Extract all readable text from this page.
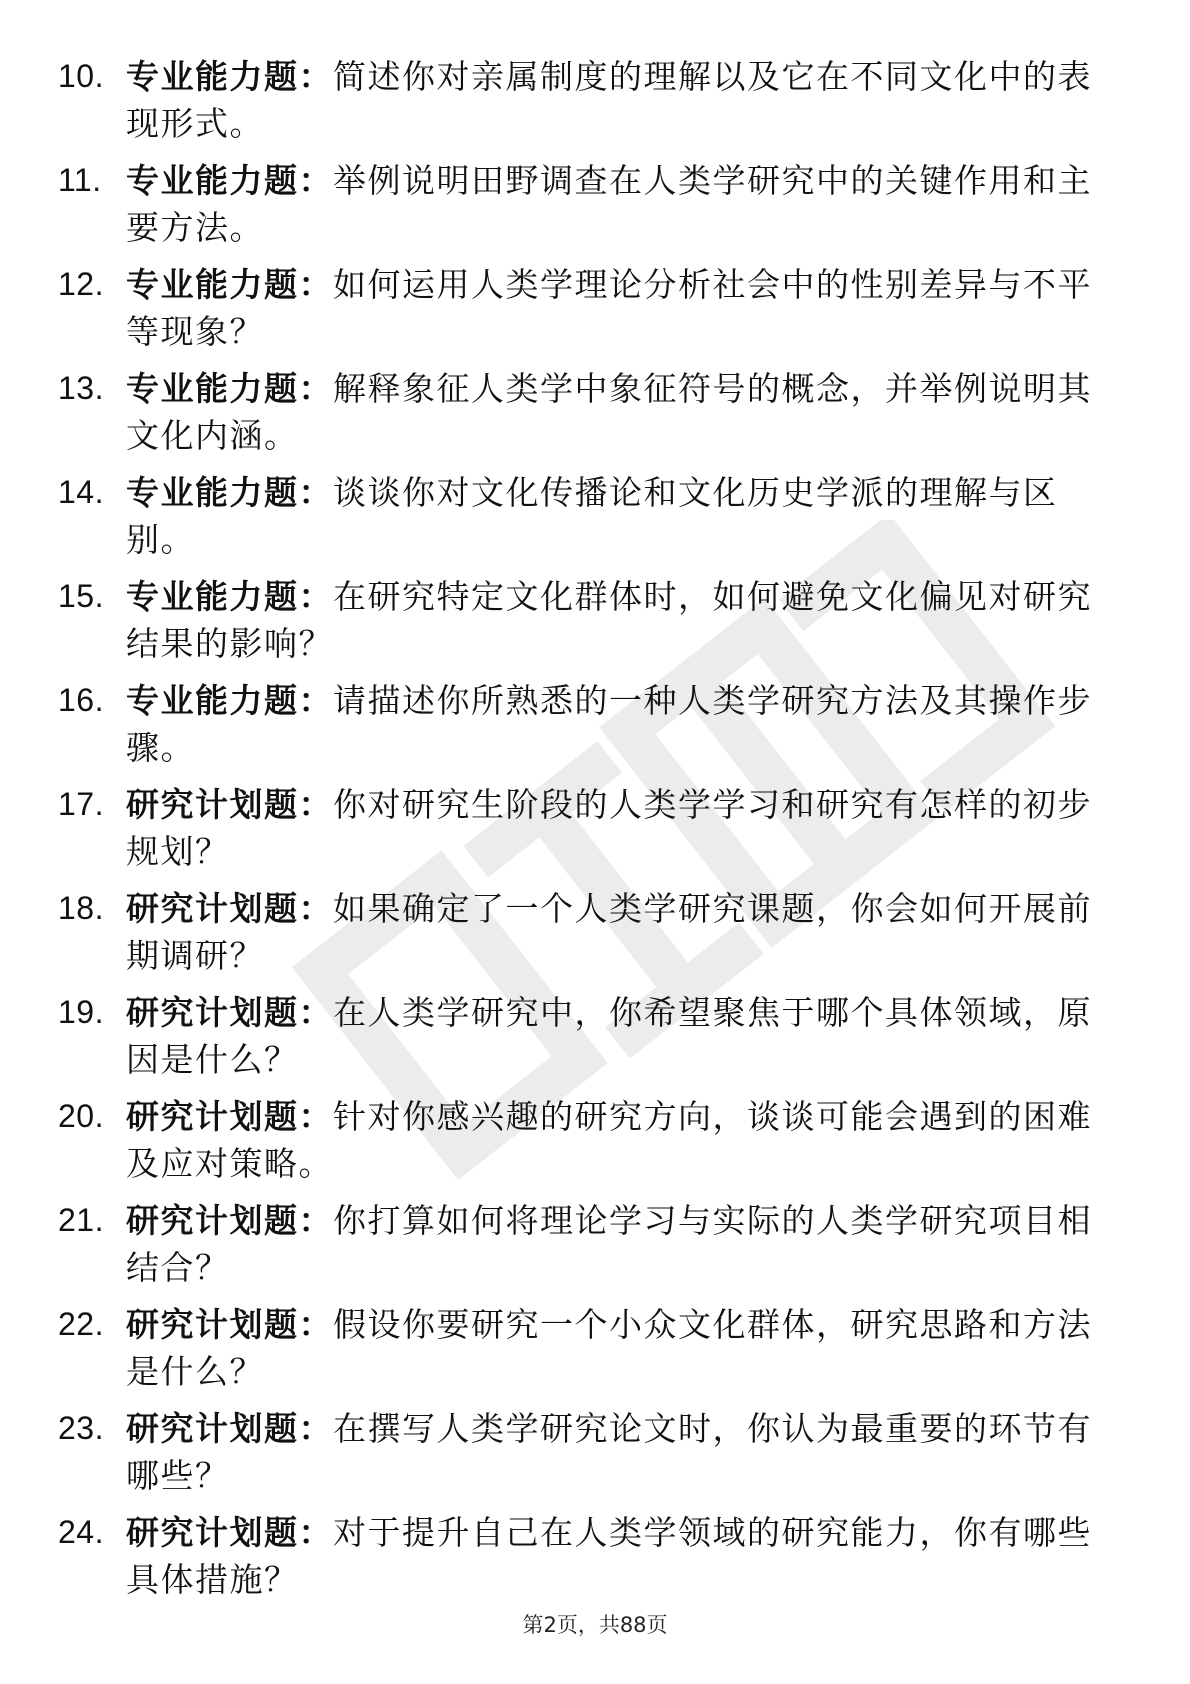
10. 专业能力题：简述你对亲属制度的理解以及它在不同文化中的表现形式。
11. 专业能力题：举例说明田野调查在人类学研究中的关键作用和主要方法。
12. 专业能力题：如何运用人类学理论分析社会中的性别差异与不平等现象？
13. 专业能力题：解释象征人类学中象征符号的概念，并举例说明其文化内涵。
14. 专业能力题：谈谈你对文化传播论和文化历史学派的理解与区别。
15. 专业能力题：在研究特定文化群体时，如何避免文化偏见对研究结果的影响？
16. 专业能力题：请描述你所熟悉的一种人类学研究方法及其操作步骤。
17. 研究计划题：你对研究生阶段的人类学学习和研究有怎样的初步规划？
18. 研究计划题：如果确定了一个人类学研究课题，你会如何开展前期调研？
19. 研究计划题：在人类学研究中，你希望聚焦于哪个具体领域，原因是什么？
20. 研究计划题：针对你感兴趣的研究方向，谈谈可能会遇到的困难及应对策略。
21. 研究计划题：你打算如何将理论学习与实际的人类学研究项目相结合？
22. 研究计划题：假设你要研究一个小众文化群体，研究思路和方法是什么？
23. 研究计划题：在撰写人类学研究论文时，你认为最重要的环节有哪些？
24. 研究计划题：对于提升自己在人类学领域的研究能力，你有哪些具体措施？
第2页，共88页
